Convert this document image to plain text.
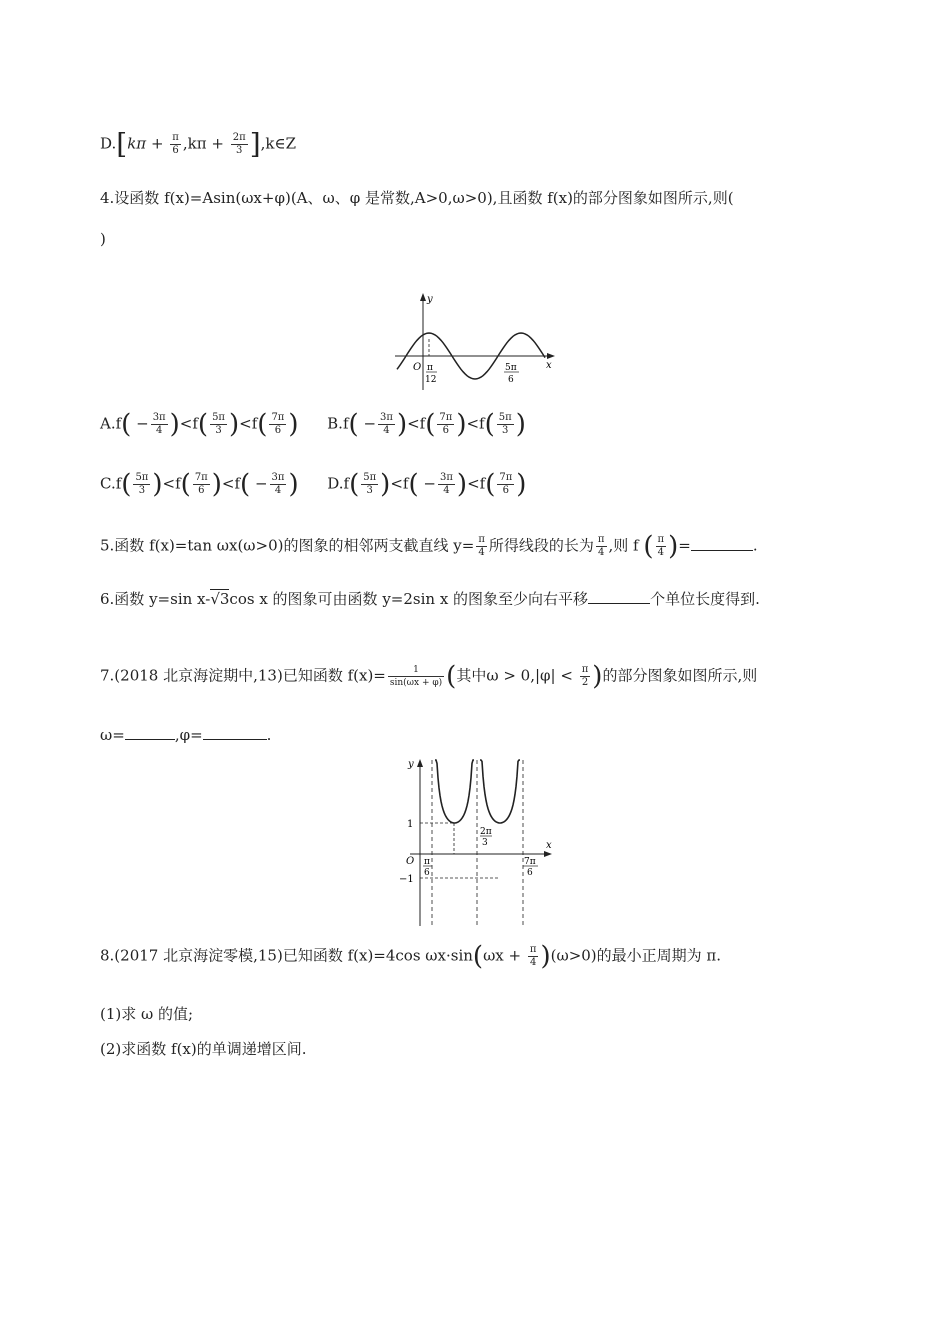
$D.[k\pi + \frac{\pi}{6} ,k\pi + \frac{2\pi}{3}$ ],k∈Z
4.设函数 f(x)=Asin(ωx+φ)(A、ω、φ 是常数,A>0,ω>0),且函数 f(x)的部分图象如图所示,则(
)
y
x
O π
12
5π
6
$A.f( - \frac{3\pi}{4} )<f( \frac{5\pi}{3} )<f( \frac{7\pi}{6}$ ) $B.f( - \frac{3\pi}{4} )<f( \frac{7\pi}{6} )<f( \frac{5\pi}{3}$ )
$C.f( \frac{5\pi}{3} )<f( \frac{7\pi}{6} )<f( - \frac{3\pi}{4}$ ) $D.f( \frac{5\pi}{3} )<f( - \frac{3\pi}{4} )<f( \frac{7\pi}{6}$ )
5.函数 f(x)=tan ωx(ω>0)的图象的相邻两支截直线 $y= \frac{\pi}{4}$ 所得线段的长为 $\frac{\pi}{4}$ ,则 f ( $\frac{\pi}{4}$ )=	.
6.函数 y=sin x-√3cos x 的图象可由函数 y=2sin x 的图象至少向右平移	个单位长度得到.
7.(2018 北京海淀期中,13)已知函数 $f(x)= \frac{1}{\sin(\omega x + \varphi)}$ (其中$\omega > 0,|\varphi| < \frac{\pi}{2}$ )的部分图象如图所示,则
ω=	,φ=	.
y
x
O
1
−1
π
6
2π
3
7π
6
8.(2017 北京海淀零模,15)已知函数 f(x)=4cos $\omega x\cdot\sin(\omega x + \frac{\pi}{4} )(\omega>0)$的最小正周期为 π.
(1)求 ω 的值;
(2)求函数 f(x)的单调递增区间.
